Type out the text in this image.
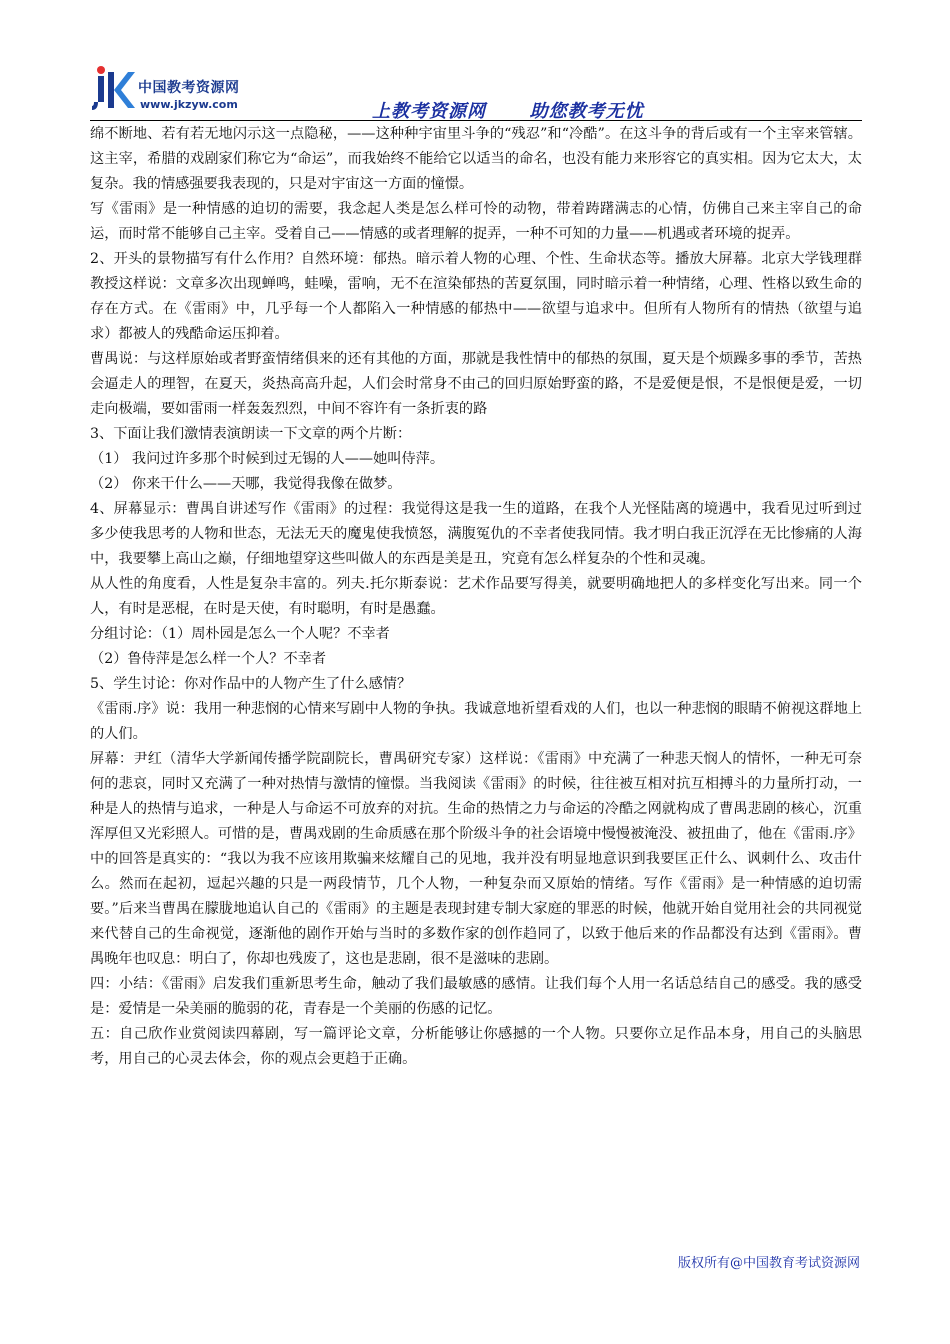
中国教考资源网
www.jkzyw.com	上教考资源网      助您教考无忧

绵不断地、若有若无地闪示这一点隐秘，——这种种宇宙里斗争的“残忍”和“冷酷”。在这斗争的背后或有一个主宰来管辖。这主宰，希腊的戏剧家们称它为“命运”，而我始终不能给它以适当的命名，也没有能力来形容它的真实相。因为它太大，太复杂。我的情感强要我表现的，只是对宇宙这一方面的憧憬。

写《雷雨》是一种情感的迫切的需要，我念起人类是怎么样可怜的动物，带着踌躇满志的心情，仿佛自己来主宰自己的命运，而时常不能够自己主宰。受着自己——情感的或者理解的捉弄，一种不可知的力量——机遇或者环境的捉弄。

2、开头的景物描写有什么作用？自然环境：郁热。暗示着人物的心理、个性、生命状态等。播放大屏幕。北京大学钱理群教授这样说：文章多次出现蝉鸣，蛙噪，雷响，无不在渲染郁热的苦夏氛围，同时暗示着一种情绪，心理、性格以致生命的存在方式。在《雷雨》中，几乎每一个人都陷入一种情感的郁热中——欲望与追求中。但所有人物所有的情热（欲望与追求）都被人的残酷命运压抑着。

曹禺说：与这样原始或者野蛮情绪俱来的还有其他的方面，那就是我性情中的郁热的氛围，夏天是个烦躁多事的季节，苦热会逼走人的理智，在夏天，炎热高高升起，人们会时常身不由己的回归原始野蛮的路，不是爱便是恨，不是恨便是爱，一切走向极端，要如雷雨一样轰轰烈烈，中间不容许有一条折衷的路

3、下面让我们激情表演朗读一下文章的两个片断：

（1） 我问过许多那个时候到过无锡的人——她叫侍萍。

（2） 你来干什么——天哪，我觉得我像在做梦。

4、屏幕显示：曹禺自讲述写作《雷雨》的过程：我觉得这是我一生的道路，在我个人光怪陆离的境遇中，我看见过听到过多少使我思考的人物和世态，无法无天的魔鬼使我愤怒，满腹冤仇的不幸者使我同情。我才明白我正沉浮在无比惨痛的人海中，我要攀上高山之巅，仔细地望穿这些叫做人的东西是美是丑，究竟有怎么样复杂的个性和灵魂。

从人性的角度看，人性是复杂丰富的。列夫.托尔斯泰说：艺术作品要写得美，就要明确地把人的多样变化写出来。同一个人，有时是恶棍，在时是天使，有时聪明，有时是愚蠢。

分组讨论：（1）周朴园是怎么一个人呢？不幸者

（2）鲁侍萍是怎么样一个人？不幸者

5、学生讨论：你对作品中的人物产生了什么感情？

《雷雨.序》说：我用一种悲悯的心情来写剧中人物的争执。我诚意地祈望看戏的人们，也以一种悲悯的眼睛不俯视这群地上的人们。

屏幕：尹红（清华大学新闻传播学院副院长，曹禺研究专家）这样说：《雷雨》中充满了一种悲天悯人的情怀，一种无可奈何的悲哀，同时又充满了一种对热情与激情的憧憬。当我阅读《雷雨》的时候，往往被互相对抗互相搏斗的力量所打动，一种是人的热情与追求，一种是人与命运不可放弃的对抗。生命的热情之力与命运的冷酷之网就构成了曹禺悲剧的核心，沉重浑厚但又光彩照人。可惜的是，曹禺戏剧的生命质感在那个阶级斗争的社会语境中慢慢被淹没、被扭曲了，他在《雷雨.序》中的回答是真实的：“我以为我不应该用欺骗来炫耀自己的见地，我并没有明显地意识到我要匡正什么、讽刺什么、攻击什么。然而在起初，逗起兴趣的只是一两段情节，几个人物，一种复杂而又原始的情绪。写作《雷雨》是一种情感的迫切需要。”后来当曹禺在朦胧地追认自己的《雷雨》的主题是表现封建专制大家庭的罪恶的时候，他就开始自觉用社会的共同视觉来代替自己的生命视觉，逐渐他的剧作开始与当时的多数作家的创作趋同了，以致于他后来的作品都没有达到《雷雨》。曹禺晚年也叹息：明白了，你却也残废了，这也是悲剧，很不是滋味的悲剧。

四：小结：《雷雨》启发我们重新思考生命，触动了我们最敏感的感情。让我们每个人用一名话总结自己的感受。我的感受是：爱情是一朵美丽的脆弱的花，青春是一个美丽的伤感的记忆。

五：自己欣作业赏阅读四幕剧，写一篇评论文章，分析能够让你感撼的一个人物。只要你立足作品本身，用自己的头脑思考，用自己的心灵去体会，你的观点会更趋于正确。

版权所有@中国教育考试资源网
